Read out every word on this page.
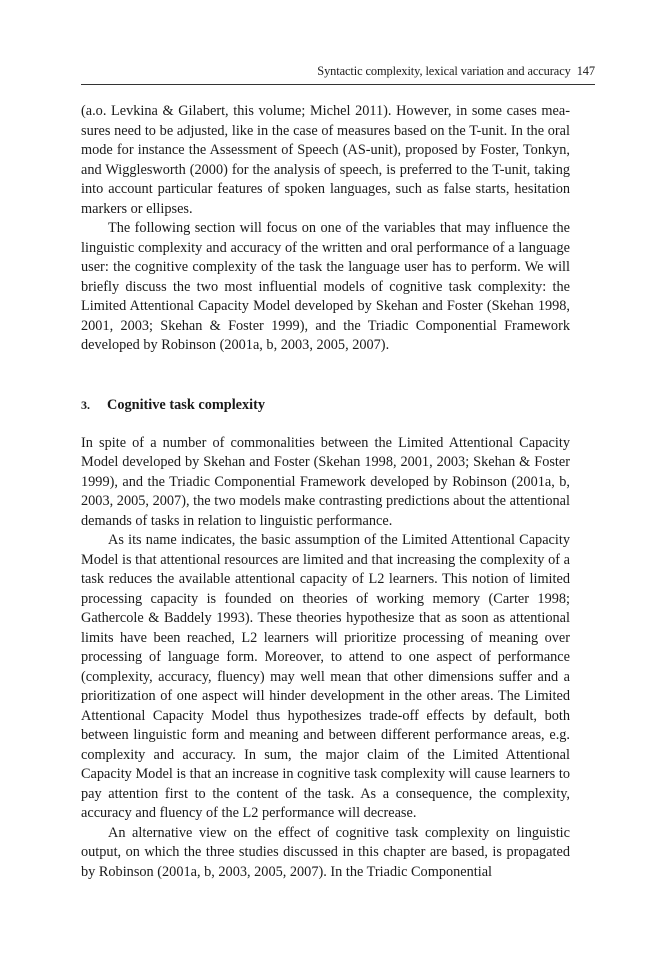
Syntactic complexity, lexical variation and accuracy 147

(a.o. Levkina & Gilabert, this volume; Michel 2011). However, in some cases measures need to be adjusted, like in the case of measures based on the T-unit. In the oral mode for instance the Assessment of Speech (AS-unit), proposed by Foster, Tonkyn, and Wigglesworth (2000) for the analysis of speech, is preferred to the T-unit, taking into account particular features of spoken languages, such as false starts, hesitation markers or ellipses.

The following section will focus on one of the variables that may influence the linguistic complexity and accuracy of the written and oral performance of a language user: the cognitive complexity of the task the language user has to perform. We will briefly discuss the two most influential models of cognitive task complexity: the Limited Attentional Capacity Model developed by Skehan and Foster (Skehan 1998, 2001, 2003; Skehan & Foster 1999), and the Triadic Componential Framework developed by Robinson (2001a, b, 2003, 2005, 2007).

3. Cognitive task complexity

In spite of a number of commonalities between the Limited Attentional Capacity Model developed by Skehan and Foster (Skehan 1998, 2001, 2003; Skehan & Foster 1999), and the Triadic Componential Framework developed by Robinson (2001a, b, 2003, 2005, 2007), the two models make contrasting predictions about the attentional demands of tasks in relation to linguistic performance.

As its name indicates, the basic assumption of the Limited Attentional Capacity Model is that attentional resources are limited and that increasing the complexity of a task reduces the available attentional capacity of L2 learners. This notion of limited processing capacity is founded on theories of working memory (Carter 1998; Gathercole & Baddely 1993). These theories hypothesize that as soon as attentional limits have been reached, L2 learners will prioritize processing of meaning over processing of language form. Moreover, to attend to one aspect of performance (complexity, accuracy, fluency) may well mean that other dimensions suffer and a prioritization of one aspect will hinder development in the other areas. The Limited Attentional Capacity Model thus hypothesizes trade-off effects by default, both between linguistic form and meaning and between different performance areas, e.g. complexity and accuracy. In sum, the major claim of the Limited Attentional Capacity Model is that an increase in cognitive task complexity will cause learners to pay attention first to the content of the task. As a consequence, the complexity, accuracy and fluency of the L2 performance will decrease.

An alternative view on the effect of cognitive task complexity on linguistic output, on which the three studies discussed in this chapter are based, is propagated by Robinson (2001a, b, 2003, 2005, 2007). In the Triadic Componential
